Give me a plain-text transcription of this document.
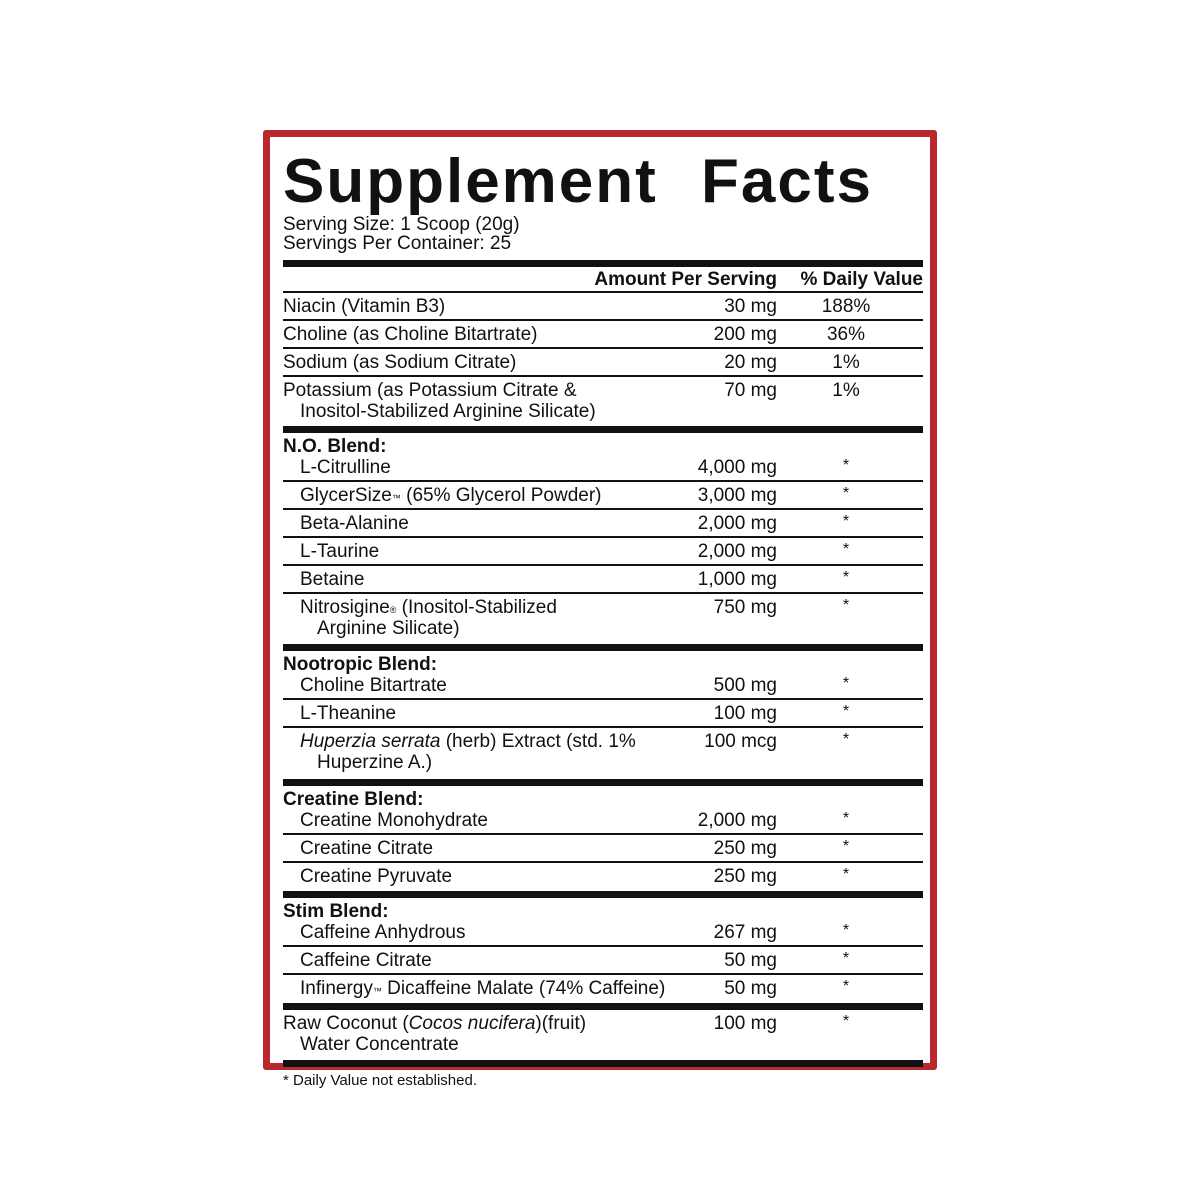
Supplement Facts
Serving Size: 1 Scoop (20g)
Servings Per Container: 25
Amount Per Serving % Daily Value
Niacin (Vitamin B3)	30 mg	188%
Choline (as Choline Bitartrate)	200 mg	36%
Sodium (as Sodium Citrate)	20 mg	1%
Potassium (as Potassium Citrate &
Inositol-Stabilized Arginine Silicate)
70 mg	1%
N.O. Blend:
L-Citrulline	4,000 mg	*
GlycerSize™ (65% Glycerol Powder)	3,000 mg	*
Beta-Alanine	2,000 mg	*
L-Taurine	2,000 mg	*
Betaine	1,000 mg	*
Nitrosigine® (Inositol-Stabilized
Arginine Silicate)
750 mg	*
Nootropic Blend:
Choline Bitartrate	500 mg	*
L-Theanine	100 mg	*
Huperzia serrata (herb) Extract (std. 1%
Huperzine A.)
100 mcg	*
Creatine Blend:
Creatine Monohydrate	2,000 mg	*
Creatine Citrate	250 mg	*
Creatine Pyruvate	250 mg	*
Stim Blend:
Caffeine Anhydrous	267 mg	*
Caffeine Citrate	50 mg	*
Infinergy™ Dicaffeine Malate (74% Caffeine)	50 mg	*
Raw Coconut (Cocos nucifera)(fruit)
Water Concentrate
100 mg	*
* Daily Value not established.
